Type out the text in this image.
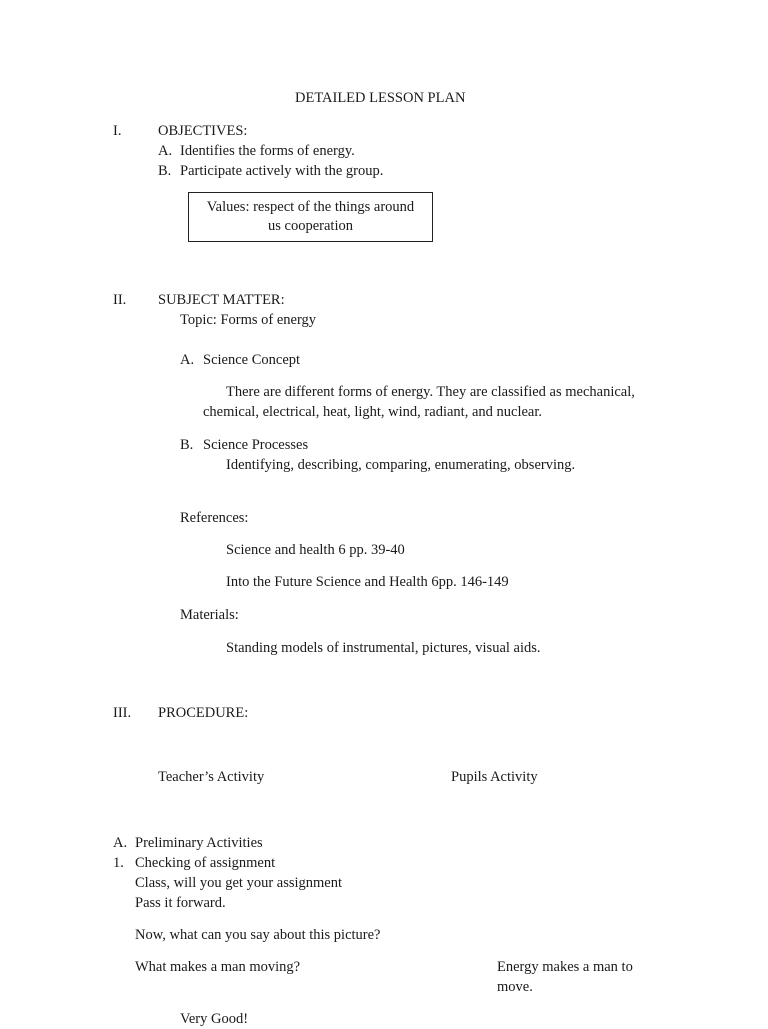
DETAILED LESSON PLAN
I.	OBJECTIVES:
A. Identifies the forms of energy.
B. Participate actively with the group.
Values: respect of the things around
us cooperation
II. SUBJECT MATTER:
Topic: Forms of energy
A. Science Concept
There are different forms of energy. They are classified as mechanical,
chemical, electrical, heat, light, wind, radiant, and nuclear.
B. Science Processes
Identifying, describing, comparing, enumerating, observing.
References:
Science and health 6 pp. 39-40
Into the Future Science and Health 6pp. 146-149
Materials:
Standing models of instrumental, pictures, visual aids.
III. PROCEDURE:
Teacher’s Activity	Pupils Activity
A. Preliminary Activities
1. Checking of assignment
Class, will you get your assignment
Pass it forward.
Now, what can you say about this picture?
What makes a man moving?	Energy makes a man to
move.
Very Good!
